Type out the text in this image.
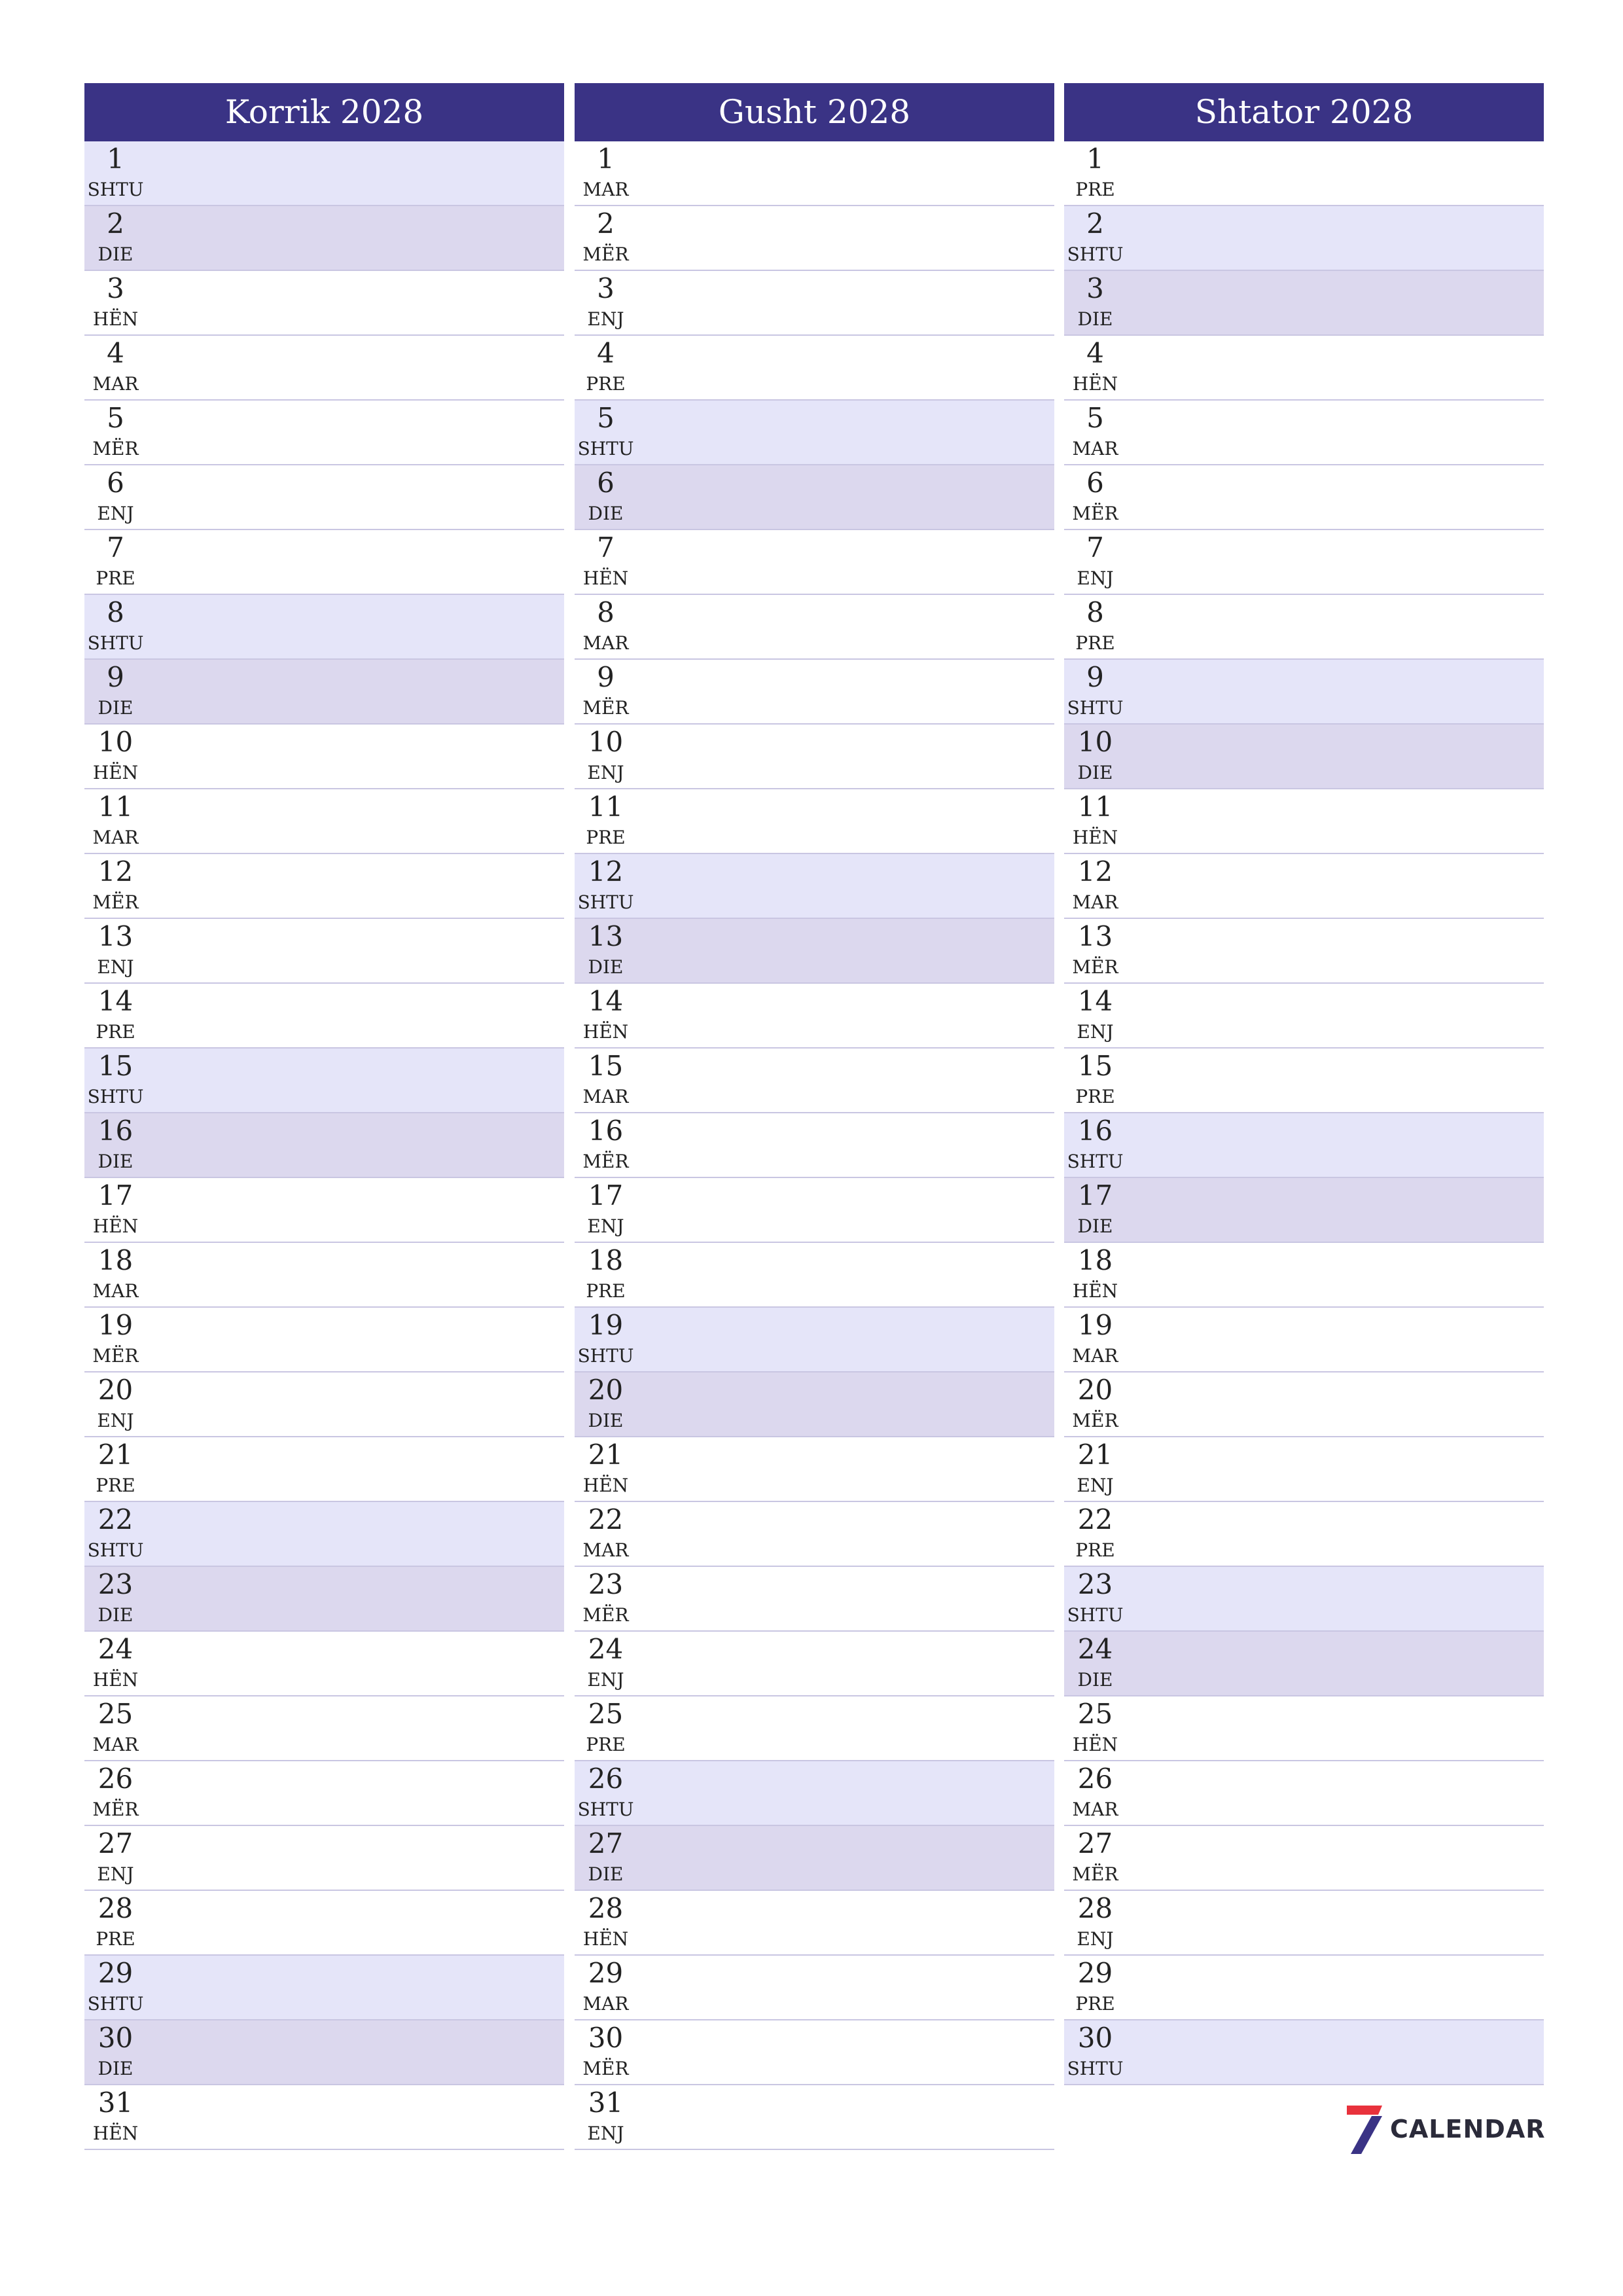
Korrik 2028
1
SHTU
2
DIE
3
HËN
4
MAR
5
MËR
6
ENJ
7
PRE
8
SHTU
9
DIE
10
HËN
11
MAR
12
MËR
13
ENJ
14
PRE
15
SHTU
16
DIE
17
HËN
18
MAR
19
MËR
20
ENJ
21
PRE
22
SHTU
23
DIE
24
HËN
25
MAR
26
MËR
27
ENJ
28
PRE
29
SHTU
30
DIE
31
HËN
Gusht 2028
1
MAR
2
MËR
3
ENJ
4
PRE
5
SHTU
6
DIE
7
HËN
8
MAR
9
MËR
10
ENJ
11
PRE
12
SHTU
13
DIE
14
HËN
15
MAR
16
MËR
17
ENJ
18
PRE
19
SHTU
20
DIE
21
HËN
22
MAR
23
MËR
24
ENJ
25
PRE
26
SHTU
27
DIE
28
HËN
29
MAR
30
MËR
31
ENJ
Shtator 2028
1
PRE
2
SHTU
3
DIE
4
HËN
5
MAR
6
MËR
7
ENJ
8
PRE
9
SHTU
10
DIE
11
HËN
12
MAR
13
MËR
14
ENJ
15
PRE
16
SHTU
17
DIE
18
HËN
19
MAR
20
MËR
21
ENJ
22
PRE
23
SHTU
24
DIE
25
HËN
26
MAR
27
MËR
28
ENJ
29
PRE
30
SHTU
CALENDAR
